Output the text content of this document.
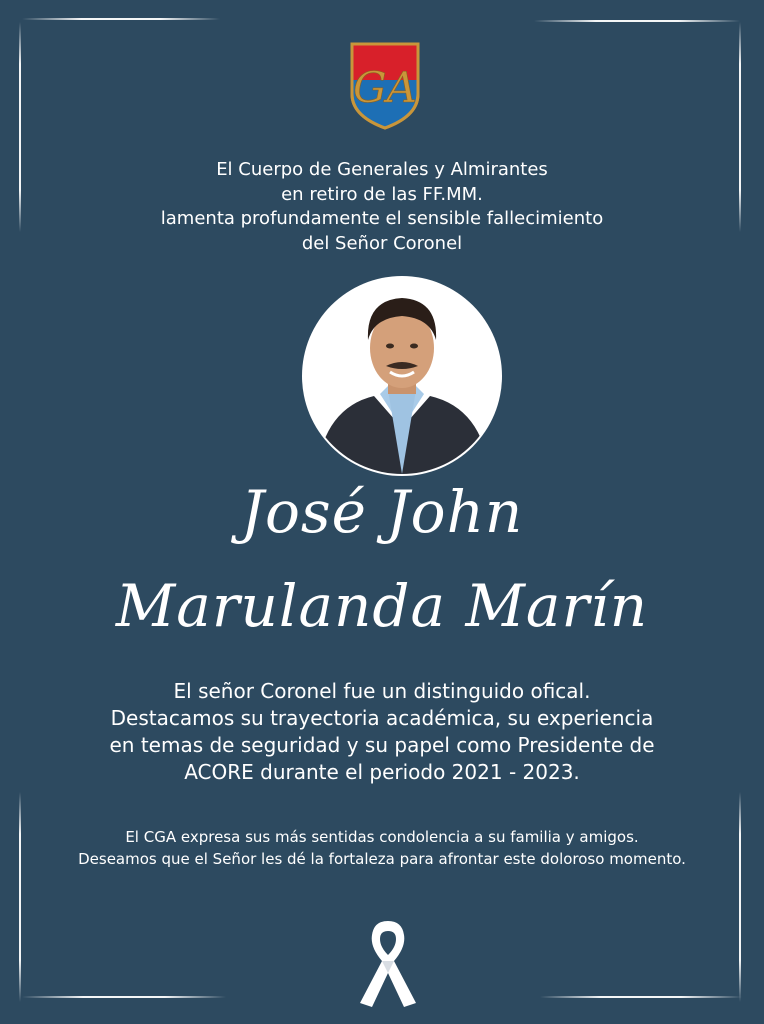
GA
El Cuerpo de Generales y Almirantes
en retiro de las FF.MM.
lamenta profundamente el sensible fallecimiento
del Señor Coronel
José John
Marulanda Marín
El señor Coronel fue un distinguido ofical.
Destacamos su trayectoria académica, su experiencia
en temas de seguridad y su papel como Presidente de
ACORE durante el periodo 2021 - 2023.
El CGA expresa sus más sentidas condolencia a su familia y amigos.
Deseamos que el Señor les dé la fortaleza para afrontar este doloroso momento.
